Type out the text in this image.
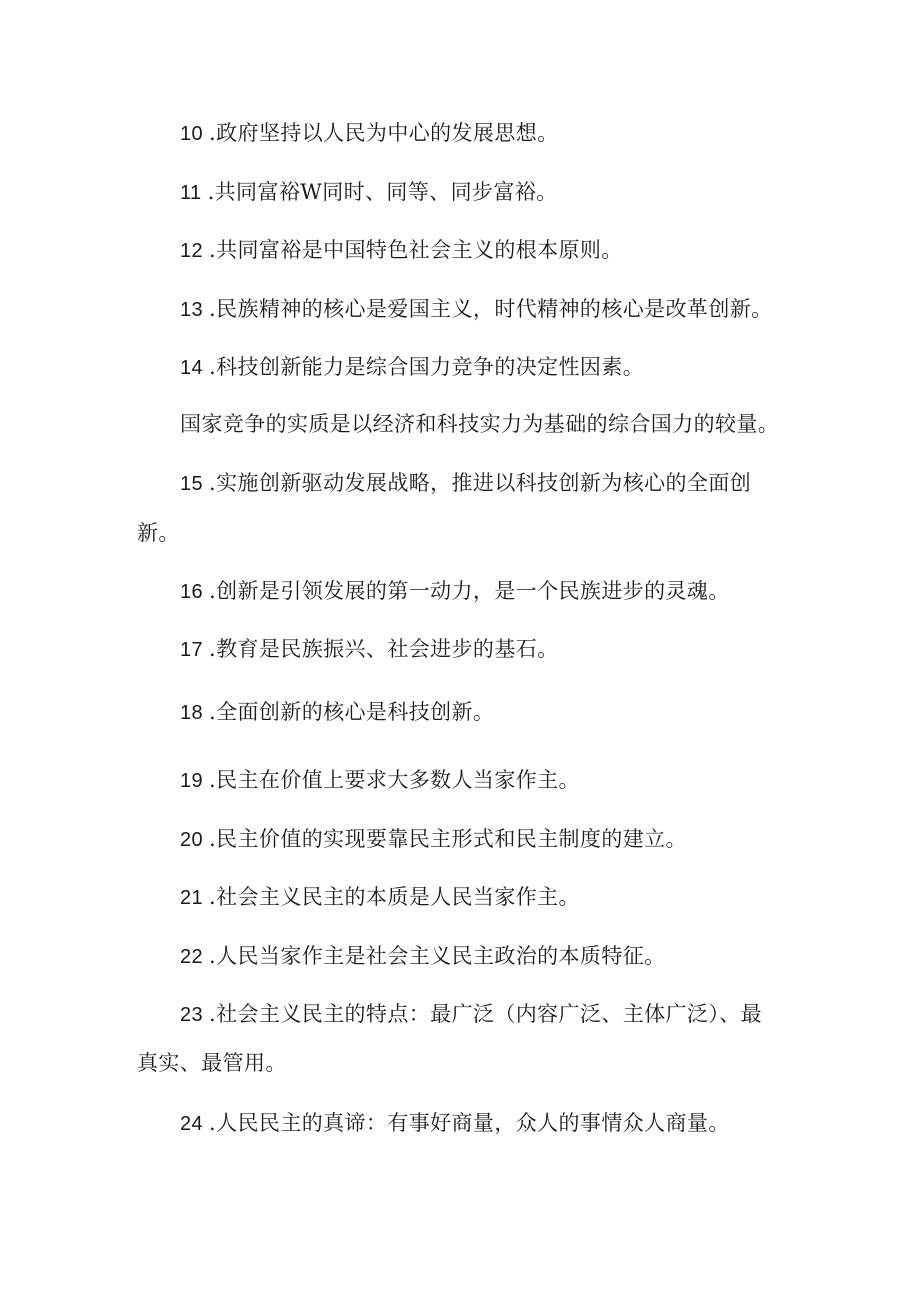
10 .政府坚持以人民为中心的发展思想。
11 .共同富裕W同时、同等、同步富裕。
12 .共同富裕是中国特色社会主义的根本原则。
13 .民族精神的核心是爱国主义，时代精神的核心是改革创新。
14 .科技创新能力是综合国力竞争的决定性因素。
国家竞争的实质是以经济和科技实力为基础的综合国力的较量。
15 .实施创新驱动发展战略，推进以科技创新为核心的全面创
新。
16 .创新是引领发展的第一动力，是一个民族进步的灵魂。
17 .教育是民族振兴、社会进步的基石。
18 .全面创新的核心是科技创新。
19 .民主在价值上要求大多数人当家作主。
20 .民主价值的实现要靠民主形式和民主制度的建立。
21 .社会主义民主的本质是人民当家作主。
22 .人民当家作主是社会主义民主政治的本质特征。
23 .社会主义民主的特点：最广泛（内容广泛、主体广泛）、最
真实、最管用。
24 .人民民主的真谛：有事好商量，众人的事情众人商量。
